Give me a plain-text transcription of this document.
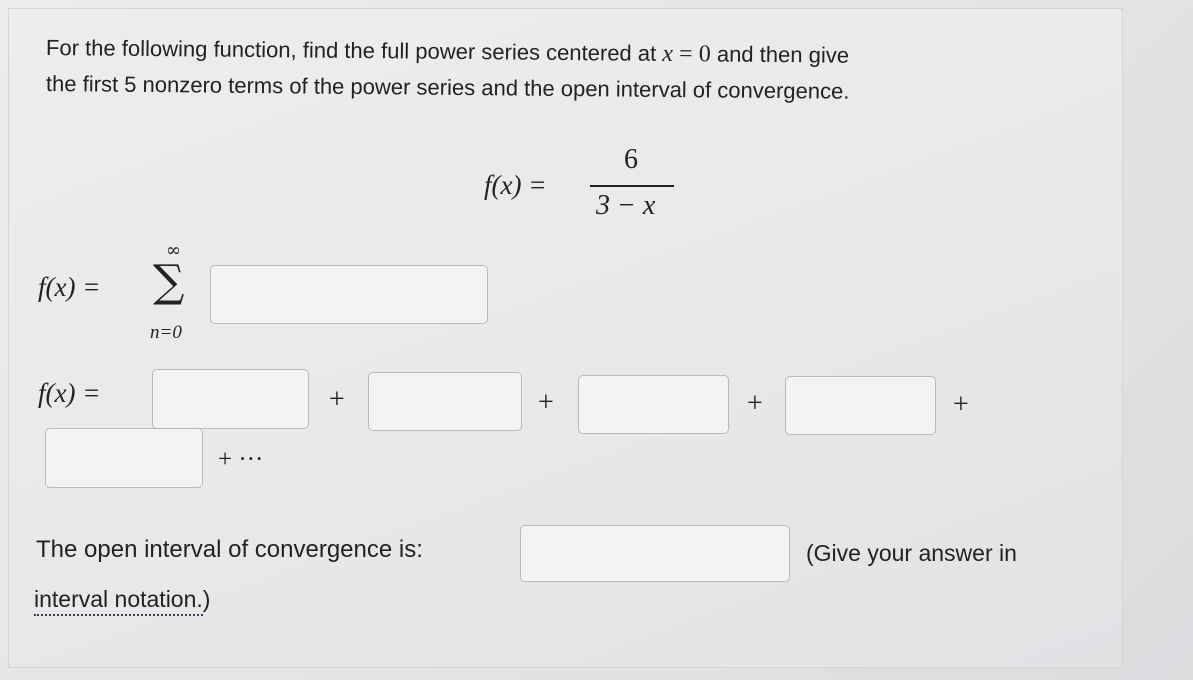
For the following function, find the full power series centered at x = 0 and then give
the first 5 nonzero terms of the power series and the open interval of convergence.
f(x) =
6
3 − x
f(x) =
∞
∑
n=0
f(x) =	+	+	+	+
+ ···
The open interval of convergence is:	(Give your answer in
interval notation.)
